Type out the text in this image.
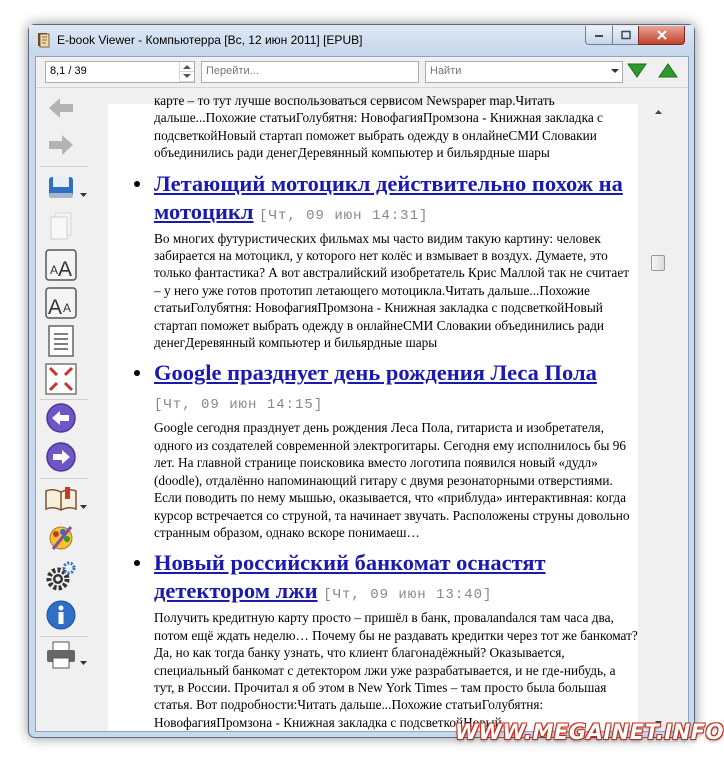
E-book Viewer - Компьютерра [Вс, 12 июн 2011] [EPUB]
8,1 / 39
Перейти...
Найти
A A
A A

карте – то тут лучше воспользоваться сервисом Newspaper map.Читать дальше...Похожие статьиГолубятня: НовофагияПромзона - Книжная закладка с подсветкойНовый стартап поможет выбрать одежду в онлайнеСМИ Словакии объединились ради денегДеревянный компьютер и бильярдные шары

Летающий мотоцикл действительно похож на мотоцикл [Чт, 09 июн 14:31]

Во многих футуристических фильмах мы часто видим такую картину: человек забирается на мотоцикл, у которого нет колёс и взмывает в воздух. Думаете, это только фантастика? А вот австралийский изобретатель Крис Маллой так не считает – у него уже готов прототип летающего мотоцикла.Читать дальше...Похожие статьиГолубятня: НовофагияПромзона - Книжная закладка с подсветкойНовый стартап поможет выбрать одежду в онлайнеСМИ Словакии объединились ради денегДеревянный компьютер и бильярдные шары

Google празднует день рождения Леса Пола
[Чт, 09 июн 14:15]

Google сегодня празднует день рождения Леса Пола, гитариста и изобретателя, одного из создателей современной электрогитары. Сегодня ему исполнилось бы 96 лет. На главной странице поисковика вместо логотипа появился новый «дудл» (doodle), отдалённо напоминающий гитару с двумя резонаторными отверстиями. Если поводить по нему мышью, оказывается, что «приблуда» интерактивная: когда курсор встречается со струной, та начинает звучать. Расположены струны довольно странным образом, однако вскоре понимаеш…

Новый российский банкомат оснастят детектором лжи [Чт, 09 июн 13:40]

Получить кредитную карту просто – пришёл в банк, провалandался там часа два, потом ещё ждать неделю… Почему бы не раздавать кредитки через тот же банкомат? Да, но как тогда банку узнать, что клиент благонадёжный? Оказывается, специальный банкомат с детектором лжи уже разрабатывается, и не где-нибудь, а тут, в России. Прочитал я об этом в New York Times – там просто была большая статья. Вот подробности:Читать дальше...Похожие статьиГолубятня: НовофагияПромзона - Книжная закладка с подсветкойНовый

WWW.MEGAINET.INFO
